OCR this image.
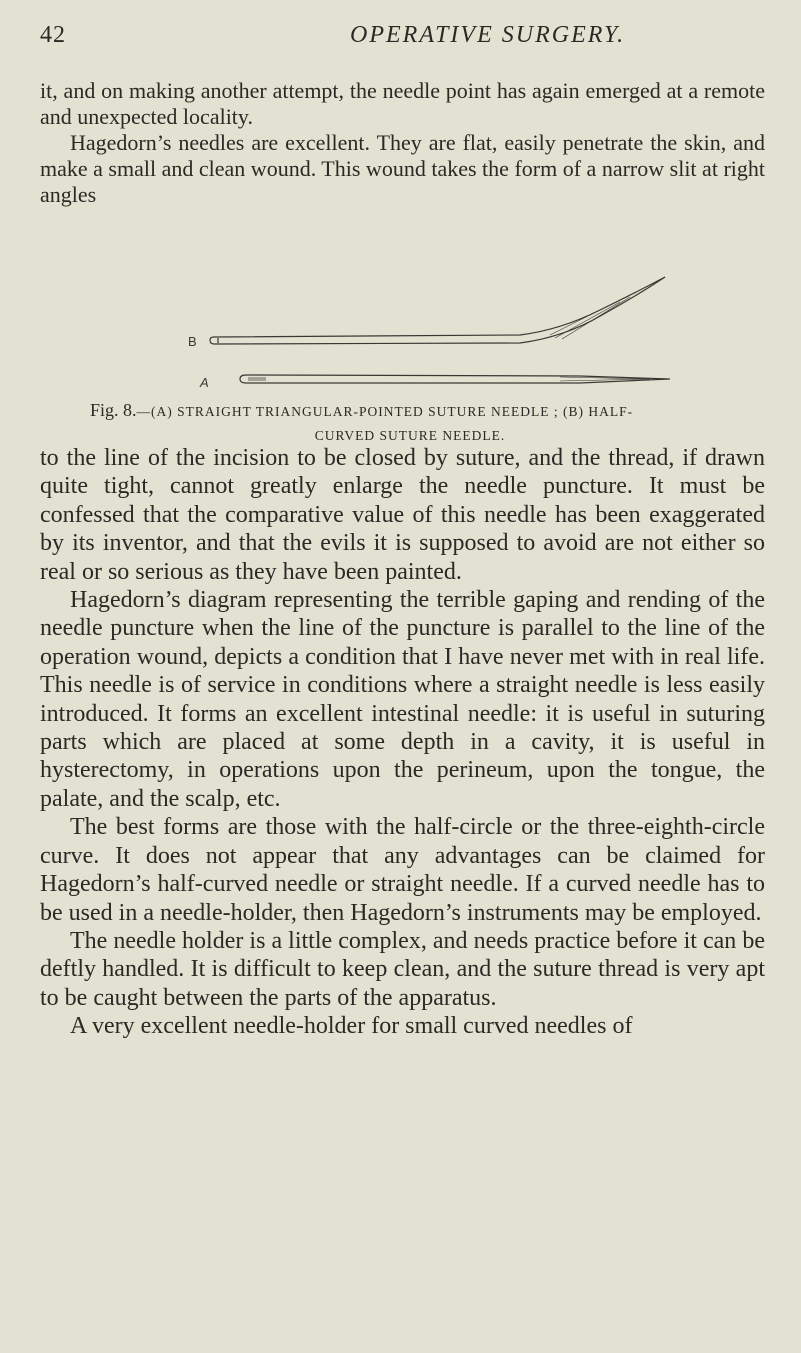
42	OPERATIVE SURGERY.

it, and on making another attempt, the needle point has again emerged at a remote and unexpected locality.

Hagedorn’s needles are excellent. They are flat, easily penetrate the skin, and make a small and clean wound. This wound takes the form of a narrow slit at right angles

B
A
Fig. 8.—(A) STRAIGHT TRIANGULAR-POINTED SUTURE NEEDLE ; (B) HALF-
CURVED SUTURE NEEDLE.

to the line of the incision to be closed by suture, and the thread, if drawn quite tight, cannot greatly enlarge the needle puncture. It must be confessed that the comparative value of this needle has been exaggerated by its inventor, and that the evils it is supposed to avoid are not either so real or so serious as they have been painted.

Hagedorn’s diagram representing the terrible gaping and rending of the needle puncture when the line of the puncture is parallel to the line of the operation wound, depicts a condition that I have never met with in real life. This needle is of service in conditions where a straight needle is less easily introduced. It forms an excellent intestinal needle: it is useful in suturing parts which are placed at some depth in a cavity, it is useful in hysterectomy, in operations upon the perineum, upon the tongue, the palate, and the scalp, etc.

The best forms are those with the half-circle or the three-eighth-circle curve. It does not appear that any advantages can be claimed for Hagedorn’s half-curved needle or straight needle. If a curved needle has to be used in a needle-holder, then Hagedorn’s instruments may be employed.

The needle holder is a little complex, and needs practice before it can be deftly handled. It is difficult to keep clean, and the suture thread is very apt to be caught between the parts of the apparatus.

A very excellent needle-holder for small curved needles of
